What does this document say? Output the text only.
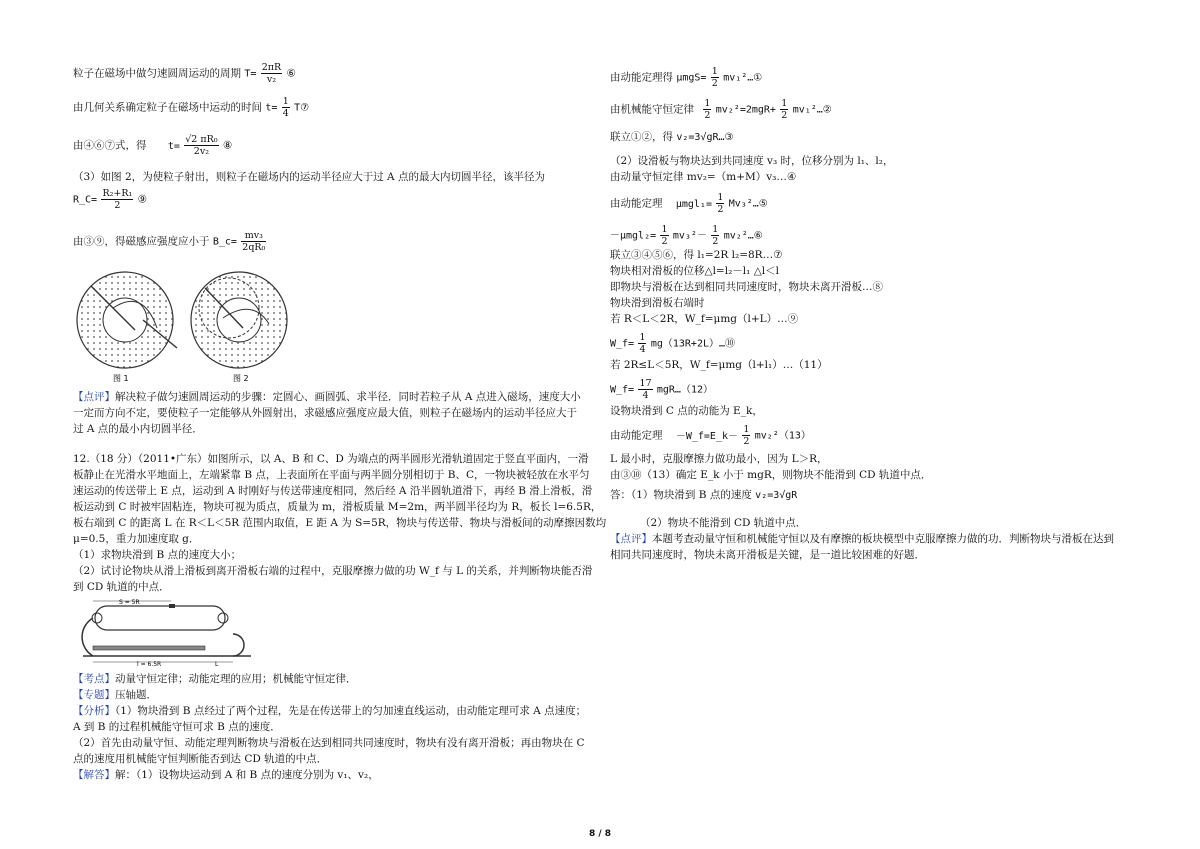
粒子在磁场中做匀速圆周运动的周期 $T= \frac{2\pi R}{\text{v₂}}$ ⑥
由几何关系确定粒子在磁场中运动的时间 $t= \frac{1}{4}$ T⑦
由④⑥⑦式，得 $t= \frac{\text{√2 πR₀}}{\text{2v₂}}$ ⑧
（3）如图 2，为使粒子射出，则粒子在磁场内的运动半径应大于过 A 点的最大内切圆半径，该半径为
R_C= $\frac{\text{R₂+R₁}}{2}$ ⑨
由③⑨，得磁感应强度应小于 B_c= $\frac{\text{mv₃}}{\text{2qR₀}}$
图 1	图 2
【点评】解决粒子做匀速圆周运动的步骤：定圆心、画圆弧、求半径．同时若粒子从 A 点进入磁场，速度大小
一定而方向不定，要使粒子一定能够从外圆射出，求磁感应强度应最大值，则粒子在磁场内的运动半径应大于
过 A 点的最小内切圆半径．
12.（18 分）（2011•广东）如图所示，以 A、B 和 C、D 为端点的两半圆形光滑轨道固定于竖直平面内，一滑
板静止在光滑水平地面上，左端紧靠 B 点，上表面所在平面与两半圆分别相切于 B、C，一物块被轻放在水平匀
速运动的传送带上 E 点，运动到 A 时刚好与传送带速度相同，然后经 A 沿半圆轨道滑下，再经 B 滑上滑板，滑
板运动到 C 时被牢固粘连，物块可视为质点，质量为 m，滑板质量 M=2m，两半圆半径均为 R，板长 l=6.5R，
板右端到 C 的距离 L 在 R＜L＜5R 范围内取值，E 距 A 为 S=5R，物块与传送带、物块与滑板间的动摩擦因数均
μ=0.5，重力加速度取 g．
（1）求物块滑到 B 点的速度大小；
（2）试讨论物块从滑上滑板到离开滑板右端的过程中，克服摩擦力做的功 W_f 与 L 的关系，并判断物块能否滑
到 CD 轨道的中点．
S = 5R
l = 6.5R	L
【考点】动量守恒定律；动能定理的应用；机械能守恒定律．
【专题】压轴题．
【分析】（1）物块滑到 B 点经过了两个过程，先是在传送带上的匀加速直线运动，由动能定理可求 A 点速度；
A 到 B 的过程机械能守恒可求 B 点的速度．
（2）首先由动量守恒、动能定理判断物块与滑板在达到相同共同速度时，物块有没有离开滑板；再由物块在 C
点的速度用机械能守恒判断能否到达 CD 轨道的中点．
【解答】解：（1）设物块运动到 A 和 B 点的速度分别为 v₁、v₂，
由动能定理得 $\mu mgS= \frac{1}{2}$ mv₁²…①
由机械能守恒定律 $\frac{1}{2} mv_2^2=2mgR+ \frac{1}{2}$ mv₁²…②
联立①②，得 v₂=3√gR…③
（2）设滑板与物块达到共同速度 v₃ 时，位移分别为 l₁、l₂，
由动量守恒定律 mv₂=（m+M）v₃…④
由动能定理 $\mu mgl_1= \frac{1}{2}$ Mv₃²…⑤
$-\mu mgl_2= \frac{1}{2} mv_3^2- \frac{1}{2}$ mv₂²…⑥
联立③④⑤⑥，得 l₁=2R l₂=8R…⑦
物块相对滑板的位移△l=l₂－l₁ △l＜l
即物块与滑板在达到相同共同速度时，物块未离开滑板…⑧
物块滑到滑板右端时
若 R＜L＜2R，W_f=μmg（l+L）…⑨
W_f= $\frac{1}{4}$ mg（13R+2L）…⑩
若 2R≤L＜5R，W_f=μmg（l+l₁）…（11）
W_f= $\frac{17}{4}$ mgR…（12）
设物块滑到 C 点的动能为 E_k，
由动能定理 －W_f=E_k－ $\frac{1}{2} mv_2^2(13)$
L 最小时，克服摩擦力做功最小，因为 L＞R，
由③⑩（13）确定 E_k 小于 mgR，则物块不能滑到 CD 轨道中点．
答：（1）物块滑到 B 点的速度 v₂=3√gR
（2）物块不能滑到 CD 轨道中点．
【点评】本题考查动量守恒和机械能守恒以及有摩擦的板块模型中克服摩擦力做的功．判断物块与滑板在达到
相同共同速度时，物块未离开滑板是关键，是一道比较困难的好题．
8 / 8
